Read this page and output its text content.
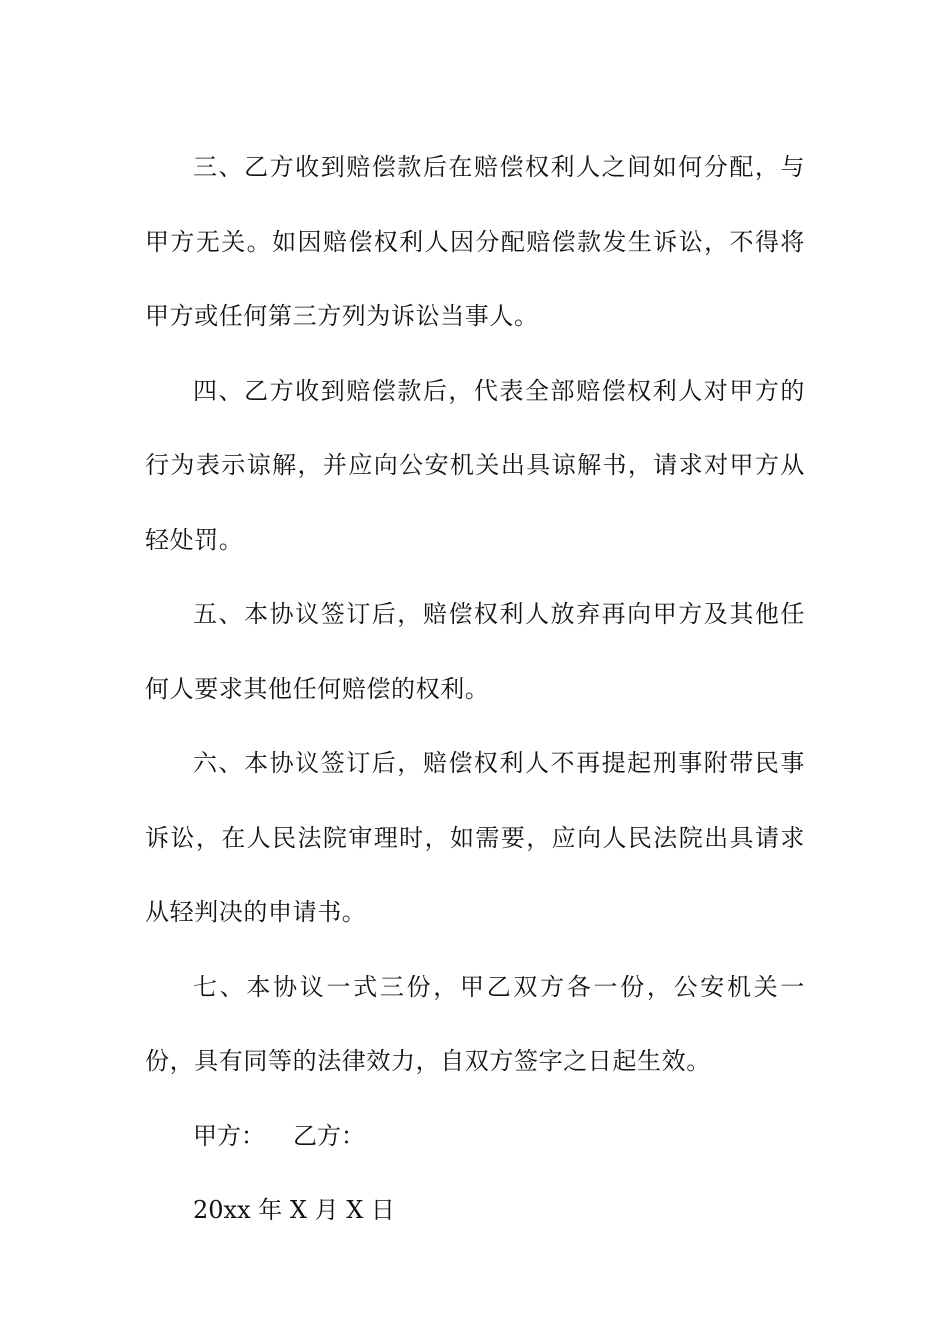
三、乙方收到赔偿款后在赔偿权利人之间如何分配，与甲方无关。如因赔偿权利人因分配赔偿款发生诉讼，不得将甲方或任何第三方列为诉讼当事人。

四、乙方收到赔偿款后，代表全部赔偿权利人对甲方的行为表示谅解，并应向公安机关出具谅解书，请求对甲方从轻处罚。

五、本协议签订后，赔偿权利人放弃再向甲方及其他任何人要求其他任何赔偿的权利。

六、本协议签订后，赔偿权利人不再提起刑事附带民事诉讼，在人民法院审理时，如需要，应向人民法院出具请求从轻判决的申请书。

七、本协议一式三份，甲乙双方各一份，公安机关一份，具有同等的法律效力，自双方签字之日起生效。

甲方： 乙方：

20xx 年 X 月 X 日
